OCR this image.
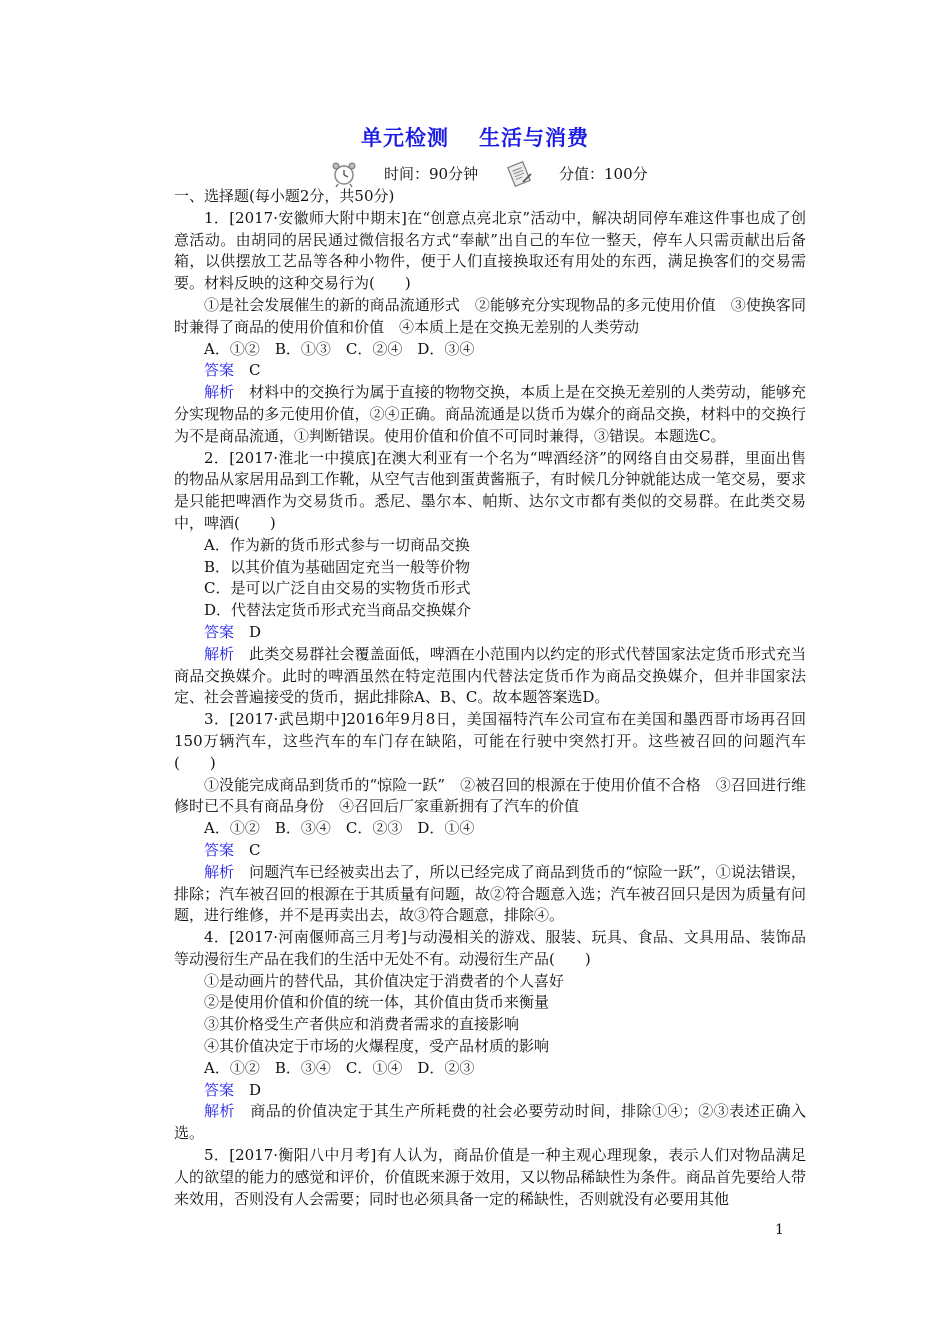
单元检测 生活与消费
时间：90分钟	分值：100分

一、选择题(每小题2分，共50分)

1．[2017·安徽师大附中期末]在“创意点亮北京”活动中，解决胡同停车难这件事也成了创意活动。由胡同的居民通过微信报名方式“奉献”出自己的车位一整天，停车人只需贡献出后备箱，以供摆放工艺品等各种小物件，便于人们直接换取还有用处的东西，满足换客们的交易需要。材料反映的这种交易行为(　　)

①是社会发展催生的新的商品流通形式　②能够充分实现物品的多元使用价值　③使换客同时兼得了商品的使用价值和价值　④本质上是在交换无差别的人类劳动

A．①②　B．①③　C．②④　D．③④

答案　 C

解析　 材料中的交换行为属于直接的物物交换，本质上是在交换无差别的人类劳动，能够充分实现物品的多元使用价值，②④正确。商品流通是以货币为媒介的商品交换，材料中的交换行为不是商品流通，①判断错误。使用价值和价值不可同时兼得，③错误。本题选C。

2．[2017·淮北一中摸底]在澳大利亚有一个名为“啤酒经济”的网络自由交易群，里面出售的物品从家居用品到工作靴，从空气吉他到蛋黄酱瓶子，有时候几分钟就能达成一笔交易，要求是只能把啤酒作为交易货币。悉尼、墨尔本、帕斯、达尔文市都有类似的交易群。在此类交易中，啤酒(　　)

A．作为新的货币形式参与一切商品交换

B．以其价值为基础固定充当一般等价物

C．是可以广泛自由交易的实物货币形式

D．代替法定货币形式充当商品交换媒介

答案　 D

解析　 此类交易群社会覆盖面低，啤酒在小范围内以约定的形式代替国家法定货币形式充当商品交换媒介。此时的啤酒虽然在特定范围内代替法定货币作为商品交换媒介，但并非国家法定、社会普遍接受的货币，据此排除A、B、C。故本题答案选D。

3．[2017·武邑期中]2016年9月8日，美国福特汽车公司宣布在美国和墨西哥市场再召回150万辆汽车，这些汽车的车门存在缺陷，可能在行驶中突然打开。这些被召回的问题汽车(　　)

①没能完成商品到货币的“惊险一跃”　②被召回的根源在于使用价值不合格　③召回进行维修时已不具有商品身份　④召回后厂家重新拥有了汽车的价值

A．①②　B．③④　C．②③　D．①④

答案　 C

解析　 问题汽车已经被卖出去了，所以已经完成了商品到货币的“惊险一跃”，①说法错误，排除；汽车被召回的根源在于其质量有问题，故②符合题意入选；汽车被召回只是因为质量有问题，进行维修，并不是再卖出去，故③符合题意，排除④。

4．[2017·河南偃师高三月考]与动漫相关的游戏、服装、玩具、食品、文具用品、装饰品等动漫衍生产品在我们的生活中无处不有。动漫衍生产品(　　)

①是动画片的替代品，其价值决定于消费者的个人喜好

②是使用价值和价值的统一体，其价值由货币来衡量

③其价格受生产者供应和消费者需求的直接影响

④其价值决定于市场的火爆程度，受产品材质的影响

A．①②　B．③④　C．①④　D．②③

答案　 D

解析　 商品的价值决定于其生产所耗费的社会必要劳动时间，排除①④；②③表述正确入选。

5．[2017·衡阳八中月考]有人认为，商品价值是一种主观心理现象，表示人们对物品满足人的欲望的能力的感觉和评价，价值既来源于效用，又以物品稀缺性为条件。商品首先要给人带来效用，否则没有人会需要；同时也必须具备一定的稀缺性，否则就没有必要用其他

1
